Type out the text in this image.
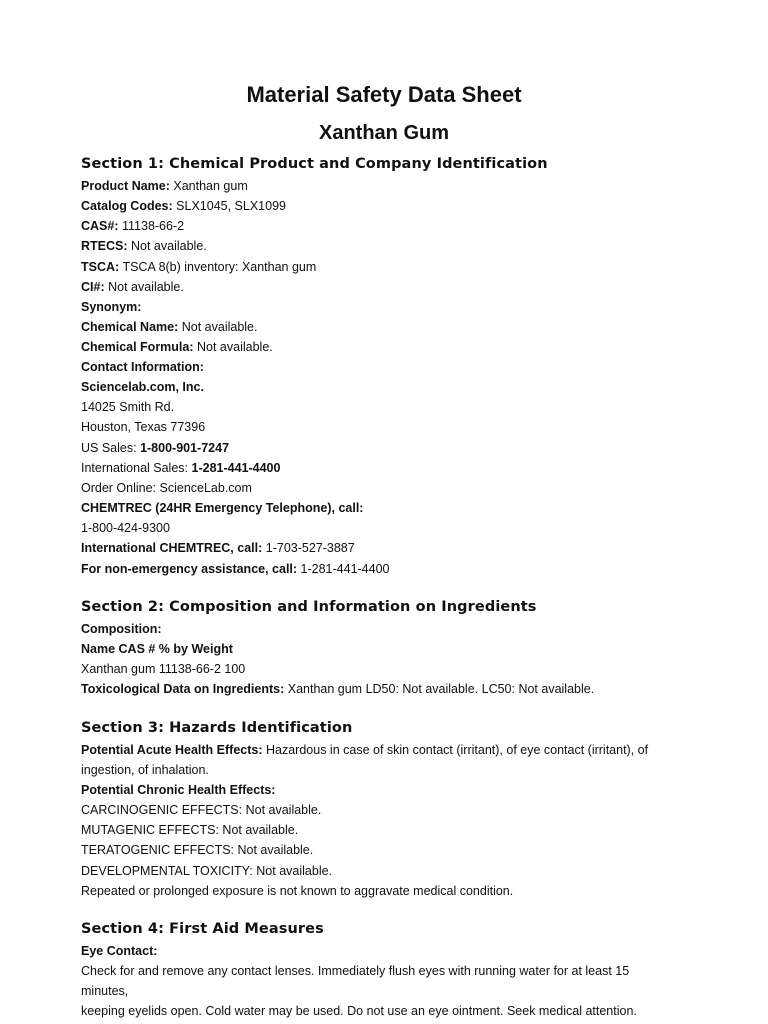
Material Safety Data Sheet
Xanthan Gum
Section 1: Chemical Product and Company Identification
Product Name: Xanthan gum
Catalog Codes: SLX1045, SLX1099
CAS#: 11138-66-2
RTECS: Not available.
TSCA: TSCA 8(b) inventory: Xanthan gum
CI#: Not available.
Synonym:
Chemical Name: Not available.
Chemical Formula: Not available.
Contact Information:
Sciencelab.com, Inc.
14025 Smith Rd.
Houston, Texas 77396
US Sales: 1-800-901-7247
International Sales: 1-281-441-4400
Order Online: ScienceLab.com
CHEMTREC (24HR Emergency Telephone), call:
1-800-424-9300
International CHEMTREC, call: 1-703-527-3887
For non-emergency assistance, call: 1-281-441-4400
Section 2: Composition and Information on Ingredients
Composition:
Name CAS # % by Weight
Xanthan gum 11138-66-2 100
Toxicological Data on Ingredients: Xanthan gum LD50: Not available. LC50: Not available.
Section 3: Hazards Identification
Potential Acute Health Effects: Hazardous in case of skin contact (irritant), of eye contact (irritant), of
ingestion, of inhalation.
Potential Chronic Health Effects:
CARCINOGENIC EFFECTS: Not available.
MUTAGENIC EFFECTS: Not available.
TERATOGENIC EFFECTS: Not available.
DEVELOPMENTAL TOXICITY: Not available.
Repeated or prolonged exposure is not known to aggravate medical condition.
Section 4: First Aid Measures
Eye Contact:
Check for and remove any contact lenses. Immediately flush eyes with running water for at least 15
minutes,
keeping eyelids open. Cold water may be used. Do not use an eye ointment. Seek medical attention.
